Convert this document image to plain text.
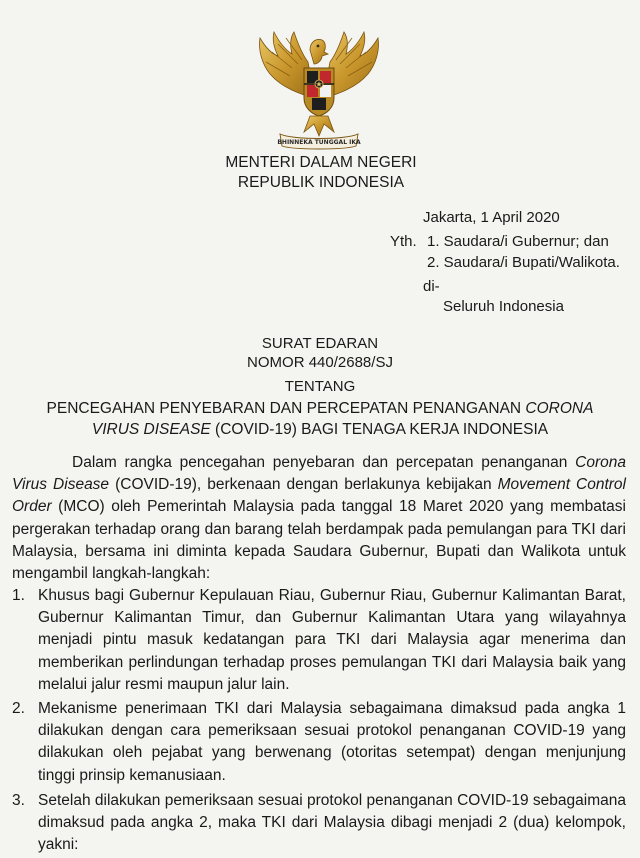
BHINNEKA TUNGGAL IKA
MENTERI DALAM NEGERI
REPUBLIK INDONESIA
Jakarta, 1 April 2020
Yth. 1. Saudara/i Gubernur; dan
2. Saudara/i Bupati/Walikota.
di-
Seluruh Indonesia
SURAT EDARAN
NOMOR 440/2688/SJ
TENTANG
PENCEGAHAN PENYEBARAN DAN PERCEPATAN PENANGANAN CORONA
VIRUS DISEASE (COVID-19) BAGI TENAGA KERJA INDONESIA
Dalam rangka pencegahan penyebaran dan percepatan penanganan Corona Virus Disease (COVID-19), berkenaan dengan berlakunya kebijakan Movement Control Order (MCO) oleh Pemerintah Malaysia pada tanggal 18 Maret 2020 yang membatasi pergerakan terhadap orang dan barang telah berdampak pada pemulangan para TKI dari Malaysia, bersama ini diminta kepada Saudara Gubernur, Bupati dan Walikota untuk mengambil langkah-langkah:
1. Khusus bagi Gubernur Kepulauan Riau, Gubernur Riau, Gubernur Kalimantan Barat, Gubernur Kalimantan Timur, dan Gubernur Kalimantan Utara yang wilayahnya menjadi pintu masuk kedatangan para TKI dari Malaysia agar menerima dan memberikan perlindungan terhadap proses pemulangan TKI dari Malaysia baik yang melalui jalur resmi maupun jalur lain.
2. Mekanisme penerimaan TKI dari Malaysia sebagaimana dimaksud pada angka 1 dilakukan dengan cara pemeriksaan sesuai protokol penanganan COVID-19 yang dilakukan oleh pejabat yang berwenang (otoritas setempat) dengan menjunjung tinggi prinsip kemanusiaan.
3. Setelah dilakukan pemeriksaan sesuai protokol penanganan COVID-19 sebagaimana dimaksud pada angka 2, maka TKI dari Malaysia dibagi menjadi 2 (dua) kelompok, yakni:
